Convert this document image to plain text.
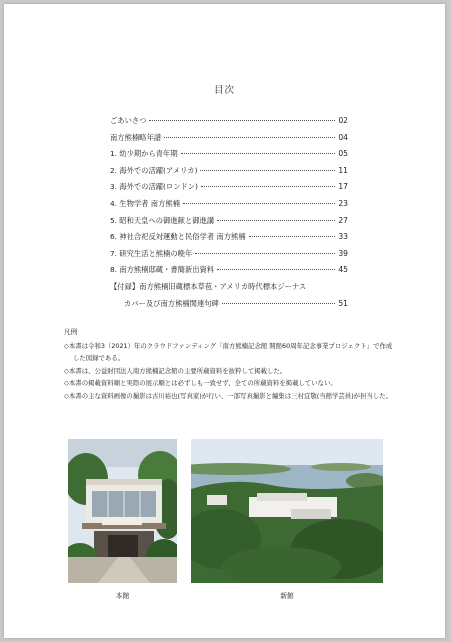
目次
ごあいさつ	02
南方熊楠略年譜	04
1. 幼少期から青年期	05
2. 海外での活躍(アメリカ)	11
3. 海外での活躍(ロンドン)	17
4. 生物学者 南方熊楠	23
5. 昭和天皇への御進献と御進講	27
6. 神社合祀反対運動と民俗学者 南方熊楠	33
7. 研究生活と熊楠の晩年	39
8. 南方熊楠邸蔵・書簡新出資料	45
【付録】南方熊楠旧蔵標本草苞・アメリカ時代標本ジーナス
カバー及び南方熊楠関連句碑	51
凡例
◇本書は令和3（2021）年のクラウドファンディング「南方熊楠記念館 開館60周年記念事業プロジェクト」で作成した図録である。
◇本書は、公益財団法人南方熊楠記念館の主要所蔵資料を抜粋して掲載した。
◇本書の掲載資料順と実際の展示順とは必ずしも一致せず、全ての所蔵資料を掲載していない。
◇本書の主な資料画像の撮影は古川裕也(写真家)が行い、一部写真撮影と編集は三村宜敬(当館学芸員)が担当した。
本館	新館
